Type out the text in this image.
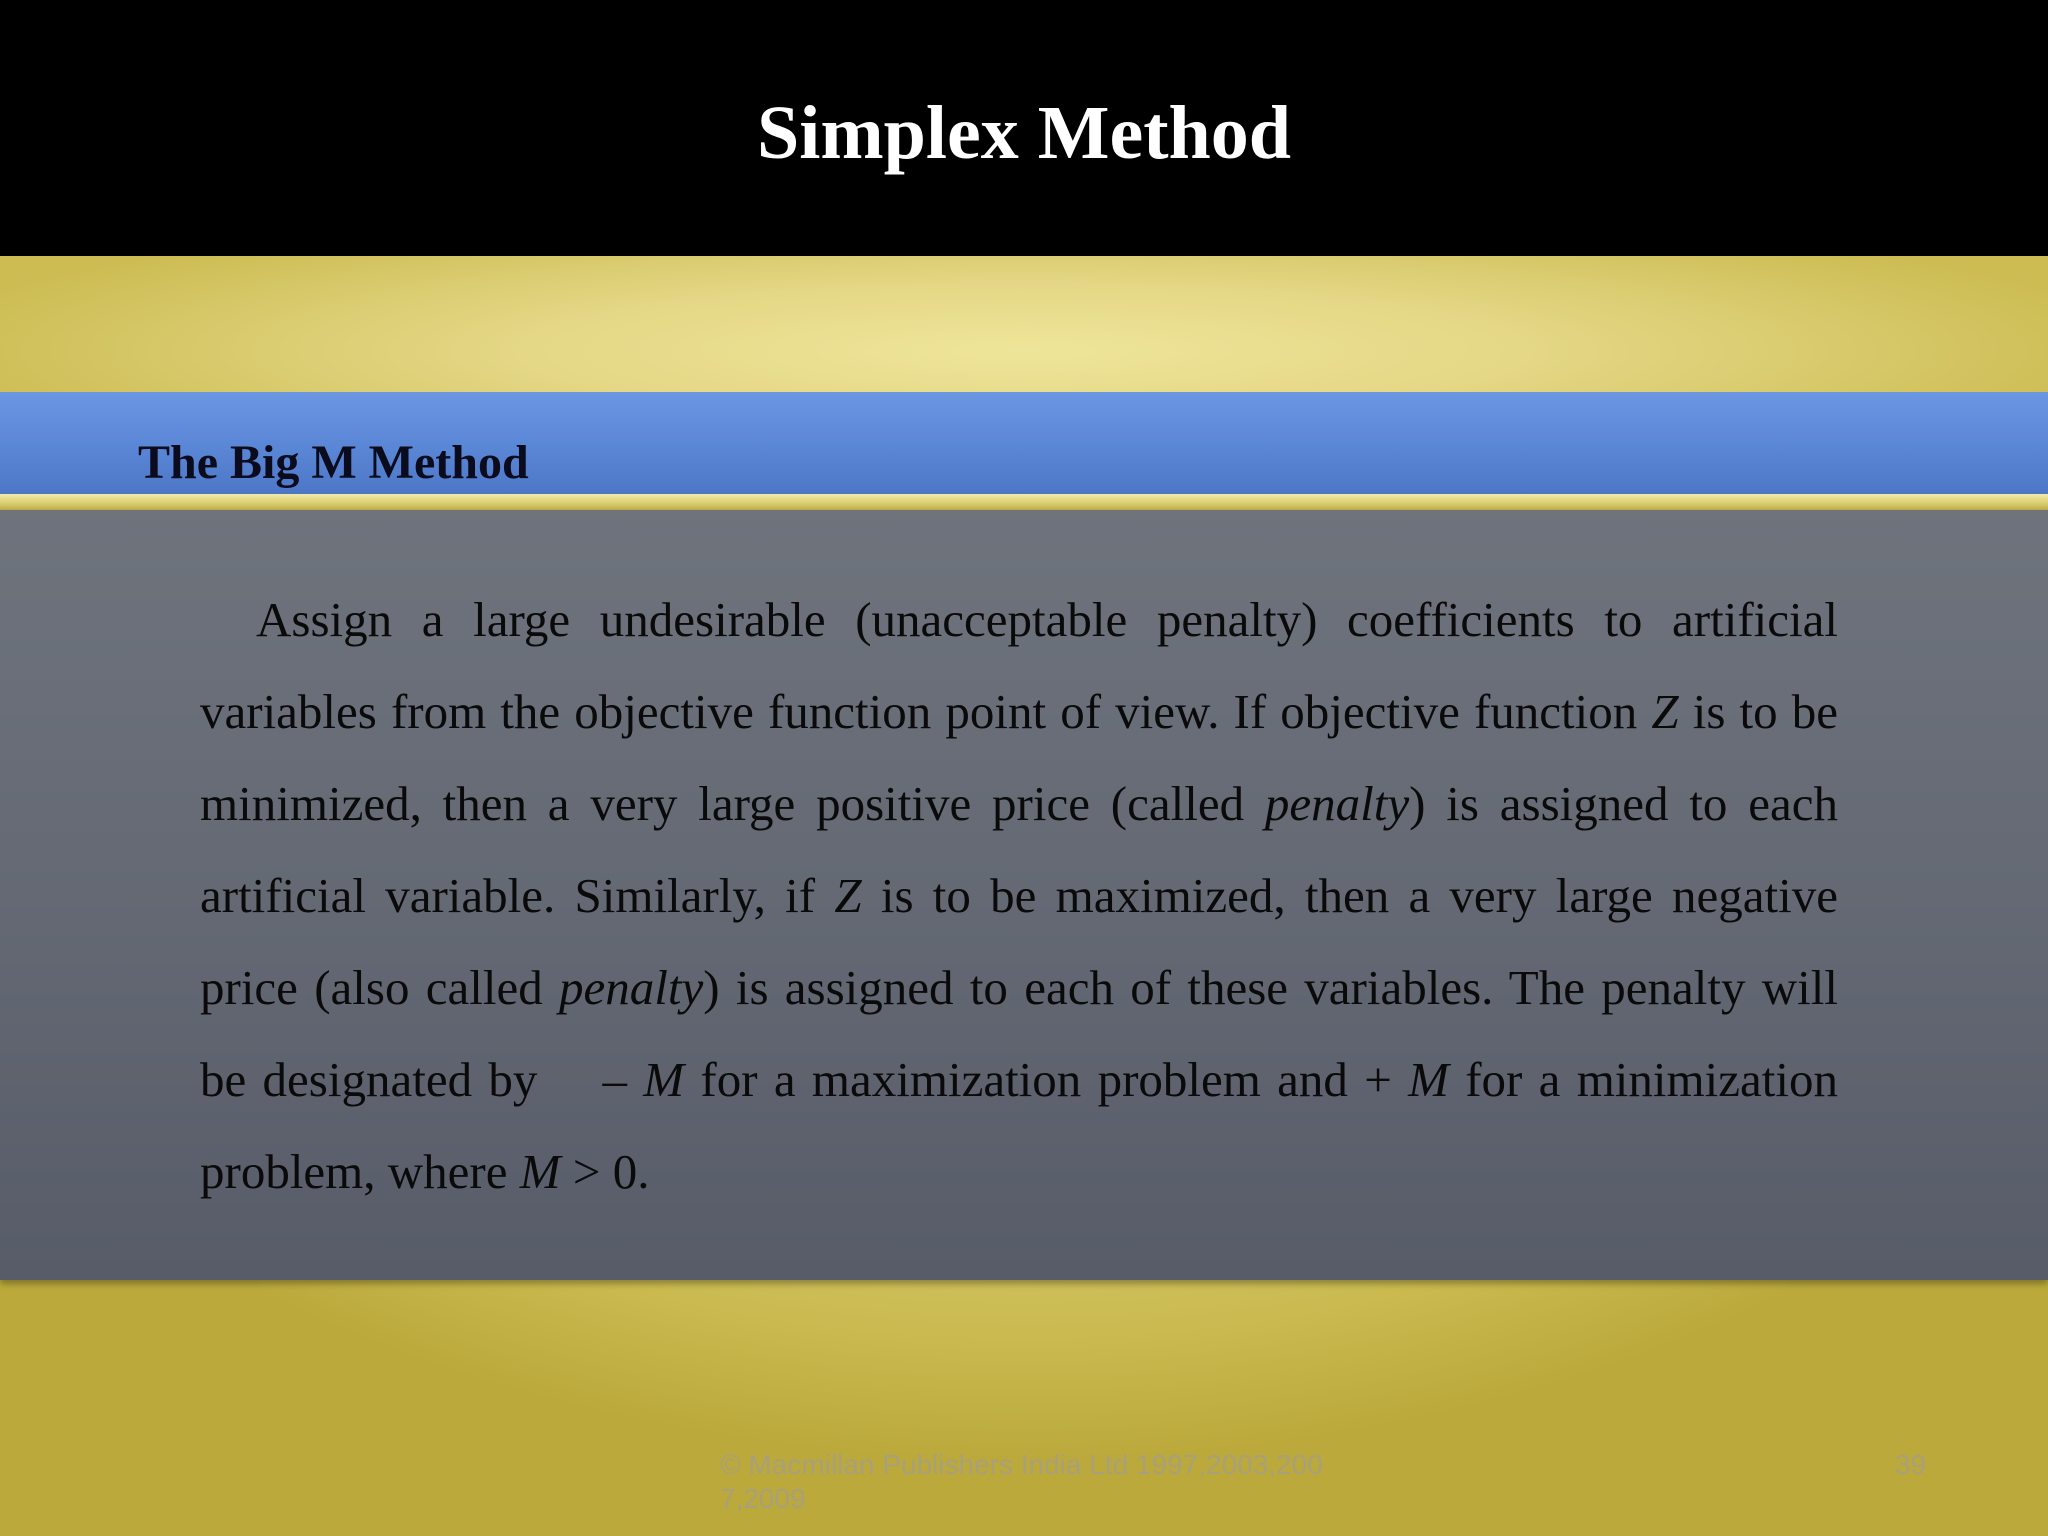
Simplex Method
The Big M Method

Assign a large undesirable (unacceptable penalty) coefficients to artificial variables from the objective function point of view. If objective function Z is to be minimized, then a very large positive price (called penalty) is assigned to each artificial variable. Similarly, if Z is to be maximized, then a very large negative price (also called penalty) is assigned to each of these variables. The penalty will be designated by    – M for a maximization problem and + M for a minimization problem, where M > 0.

© Macmillan Publishers India Ltd 1997,2003,2007,2009
39
